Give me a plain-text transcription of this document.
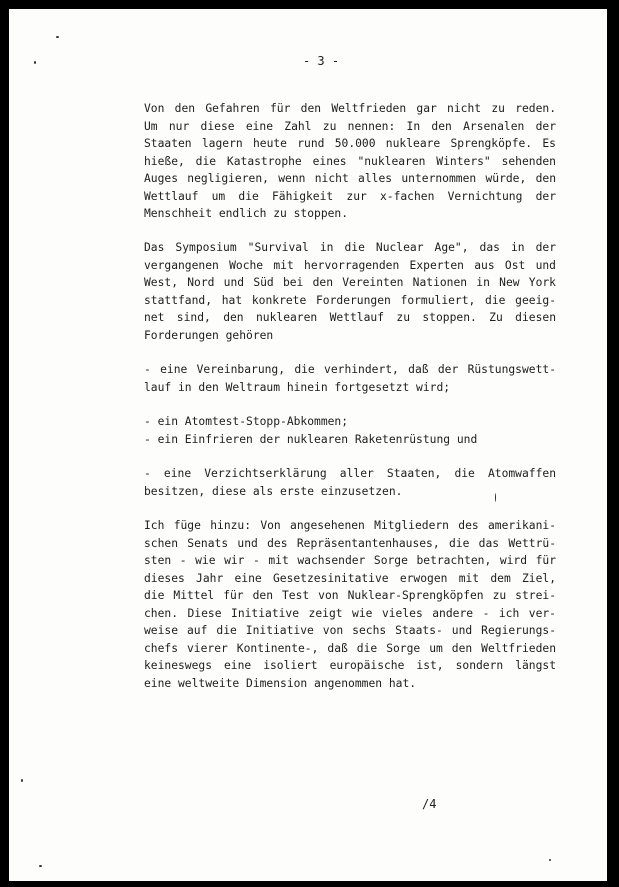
- 3 -
Von den Gefahren für den Weltfrieden gar nicht zu reden.
Um nur diese eine Zahl zu nennen: In den Arsenalen der
Staaten lagern heute rund 50.000 nukleare Sprengköpfe. Es
hieße, die Katastrophe eines "nuklearen Winters" sehenden
Auges negligieren, wenn nicht alles unternommen würde, den
Wettlauf um die Fähigkeit zur x-fachen Vernichtung der
Menschheit endlich zu stoppen.
Das Symposium "Survival in die Nuclear Age", das in der
vergangenen Woche mit hervorragenden Experten aus Ost und
West, Nord und Süd bei den Vereinten Nationen in New York
stattfand, hat konkrete Forderungen formuliert, die geeig-
net sind, den nuklearen Wettlauf zu stoppen. Zu diesen
Forderungen gehören
- eine Vereinbarung, die verhindert, daß der Rüstungswett-
lauf in den Weltraum hinein fortgesetzt wird;
- ein Atomtest-Stopp-Abkommen;
- ein Einfrieren der nuklearen Raketenrüstung und
- eine Verzichtserklärung aller Staaten, die Atomwaffen
besitzen, diese als erste einzusetzen.
Ich füge hinzu: Von angesehenen Mitgliedern des amerikani-
schen Senats und des Repräsentantenhauses, die das Wettrü-
sten - wie wir - mit wachsender Sorge betrachten, wird für
dieses Jahr eine Gesetzesinitative erwogen mit dem Ziel,
die Mittel für den Test von Nuklear-Sprengköpfen zu strei-
chen. Diese Initiative zeigt wie vieles andere - ich ver-
weise auf die Initiative von sechs Staats- und Regierungs-
chefs vierer Kontinente-, daß die Sorge um den Weltfrieden
keineswegs eine isoliert europäische ist, sondern längst
eine weltweite Dimension angenommen hat.
/4
